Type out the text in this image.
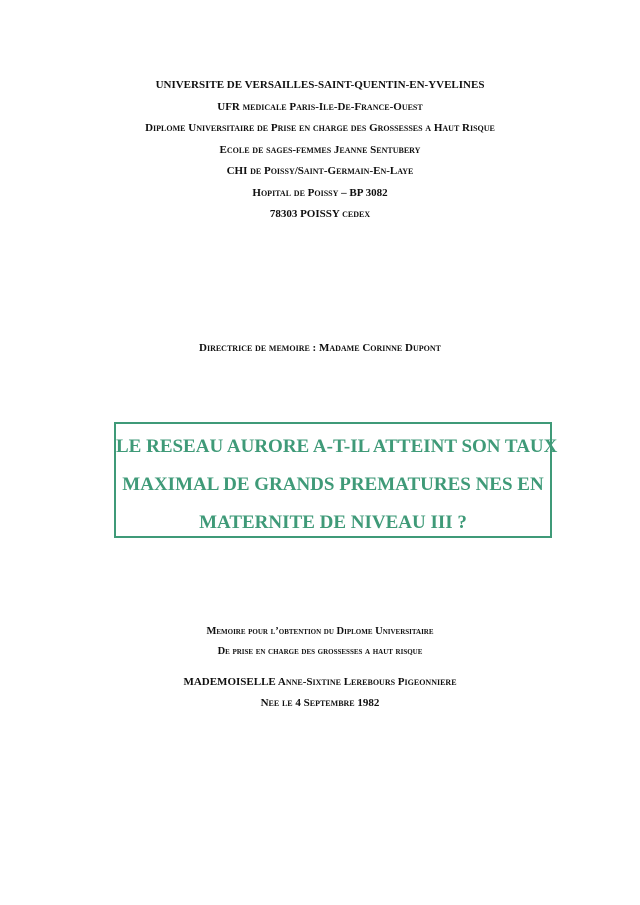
UNIVERSITE DE VERSAILLES-SAINT-QUENTIN-EN-YVELINES
UFR medicale Paris-Ile-De-France-Ouest
Diplome Universitaire de Prise en charge des Grossesses a Haut Risque
Ecole de sages-femmes Jeanne Sentubery
CHI de Poissy/Saint-Germain-En-Laye
Hopital de Poissy – BP 3082
78303 POISSY cedex
Directrice de memoire : Madame Corinne Dupont
LE RESEAU AURORE A-T-IL ATTEINT SON TAUX
MAXIMAL DE GRANDS PREMATURES NES EN
MATERNITE DE NIVEAU III ?
Memoire pour l’obtention du Diplome Universitaire
De prise en charge des grossesses a haut risque
MADEMOISELLE Anne-Sixtine Lerebours Pigeonniere
Nee le 4 Septembre 1982
